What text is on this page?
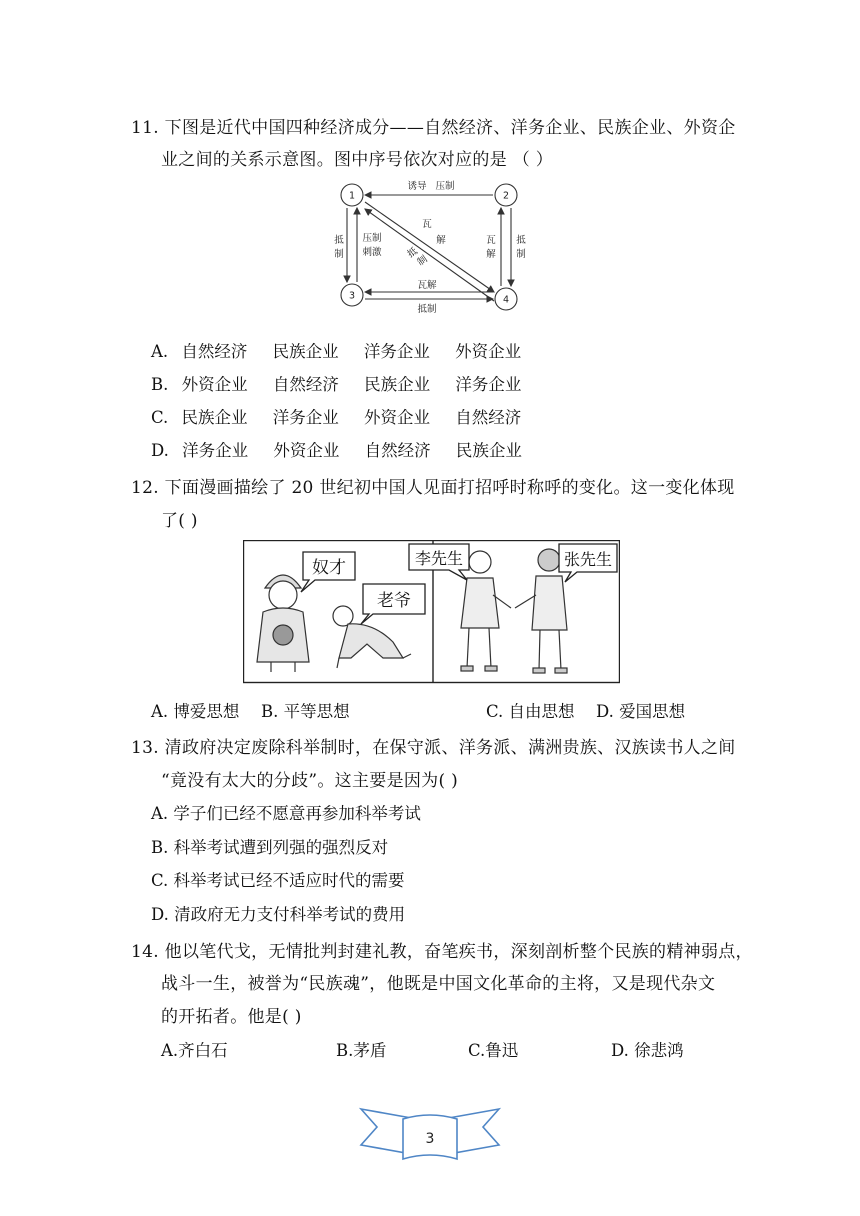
11. 下图是近代中国四种经济成分——自然经济、洋务企业、民族企业、外资企
业之间的关系示意图。图中序号依次对应的是 （ ）
1	2
3	4
诱导 压制
抵
制
压制
刺激
瓦
解
抵
制
瓦
解
抵
制
瓦解
抵制
A. 自然经济 民族企业 洋务企业 外资企业
B. 外资企业 自然经济 民族企业 洋务企业
C. 民族企业 洋务企业 外资企业 自然经济
D. 洋务企业 外资企业 自然经济 民族企业
12. 下面漫画描绘了 20 世纪初中国人见面打招呼时称呼的变化。这一变化体现
了( )
奴才
老爷
李先生	张先生
A. 博爱思想 B. 平等思想	C. 自由思想 D. 爱国思想
13. 清政府决定废除科举制时，在保守派、洋务派、满洲贵族、汉族读书人之间
“竟没有太大的分歧”。这主要是因为( )
A. 学子们已经不愿意再参加科举考试
B. 科举考试遭到列强的强烈反对
C. 科举考试已经不适应时代的需要
D. 清政府无力支付科举考试的费用
14. 他以笔代戈，无情批判封建礼教，奋笔疾书，深刻剖析整个民族的精神弱点，
战斗一生，被誉为“民族魂”，他既是中国文化革命的主将，又是现代杂文
的开拓者。他是( )
A.齐白石	B.茅盾	C.鲁迅	D. 徐悲鸿
3
